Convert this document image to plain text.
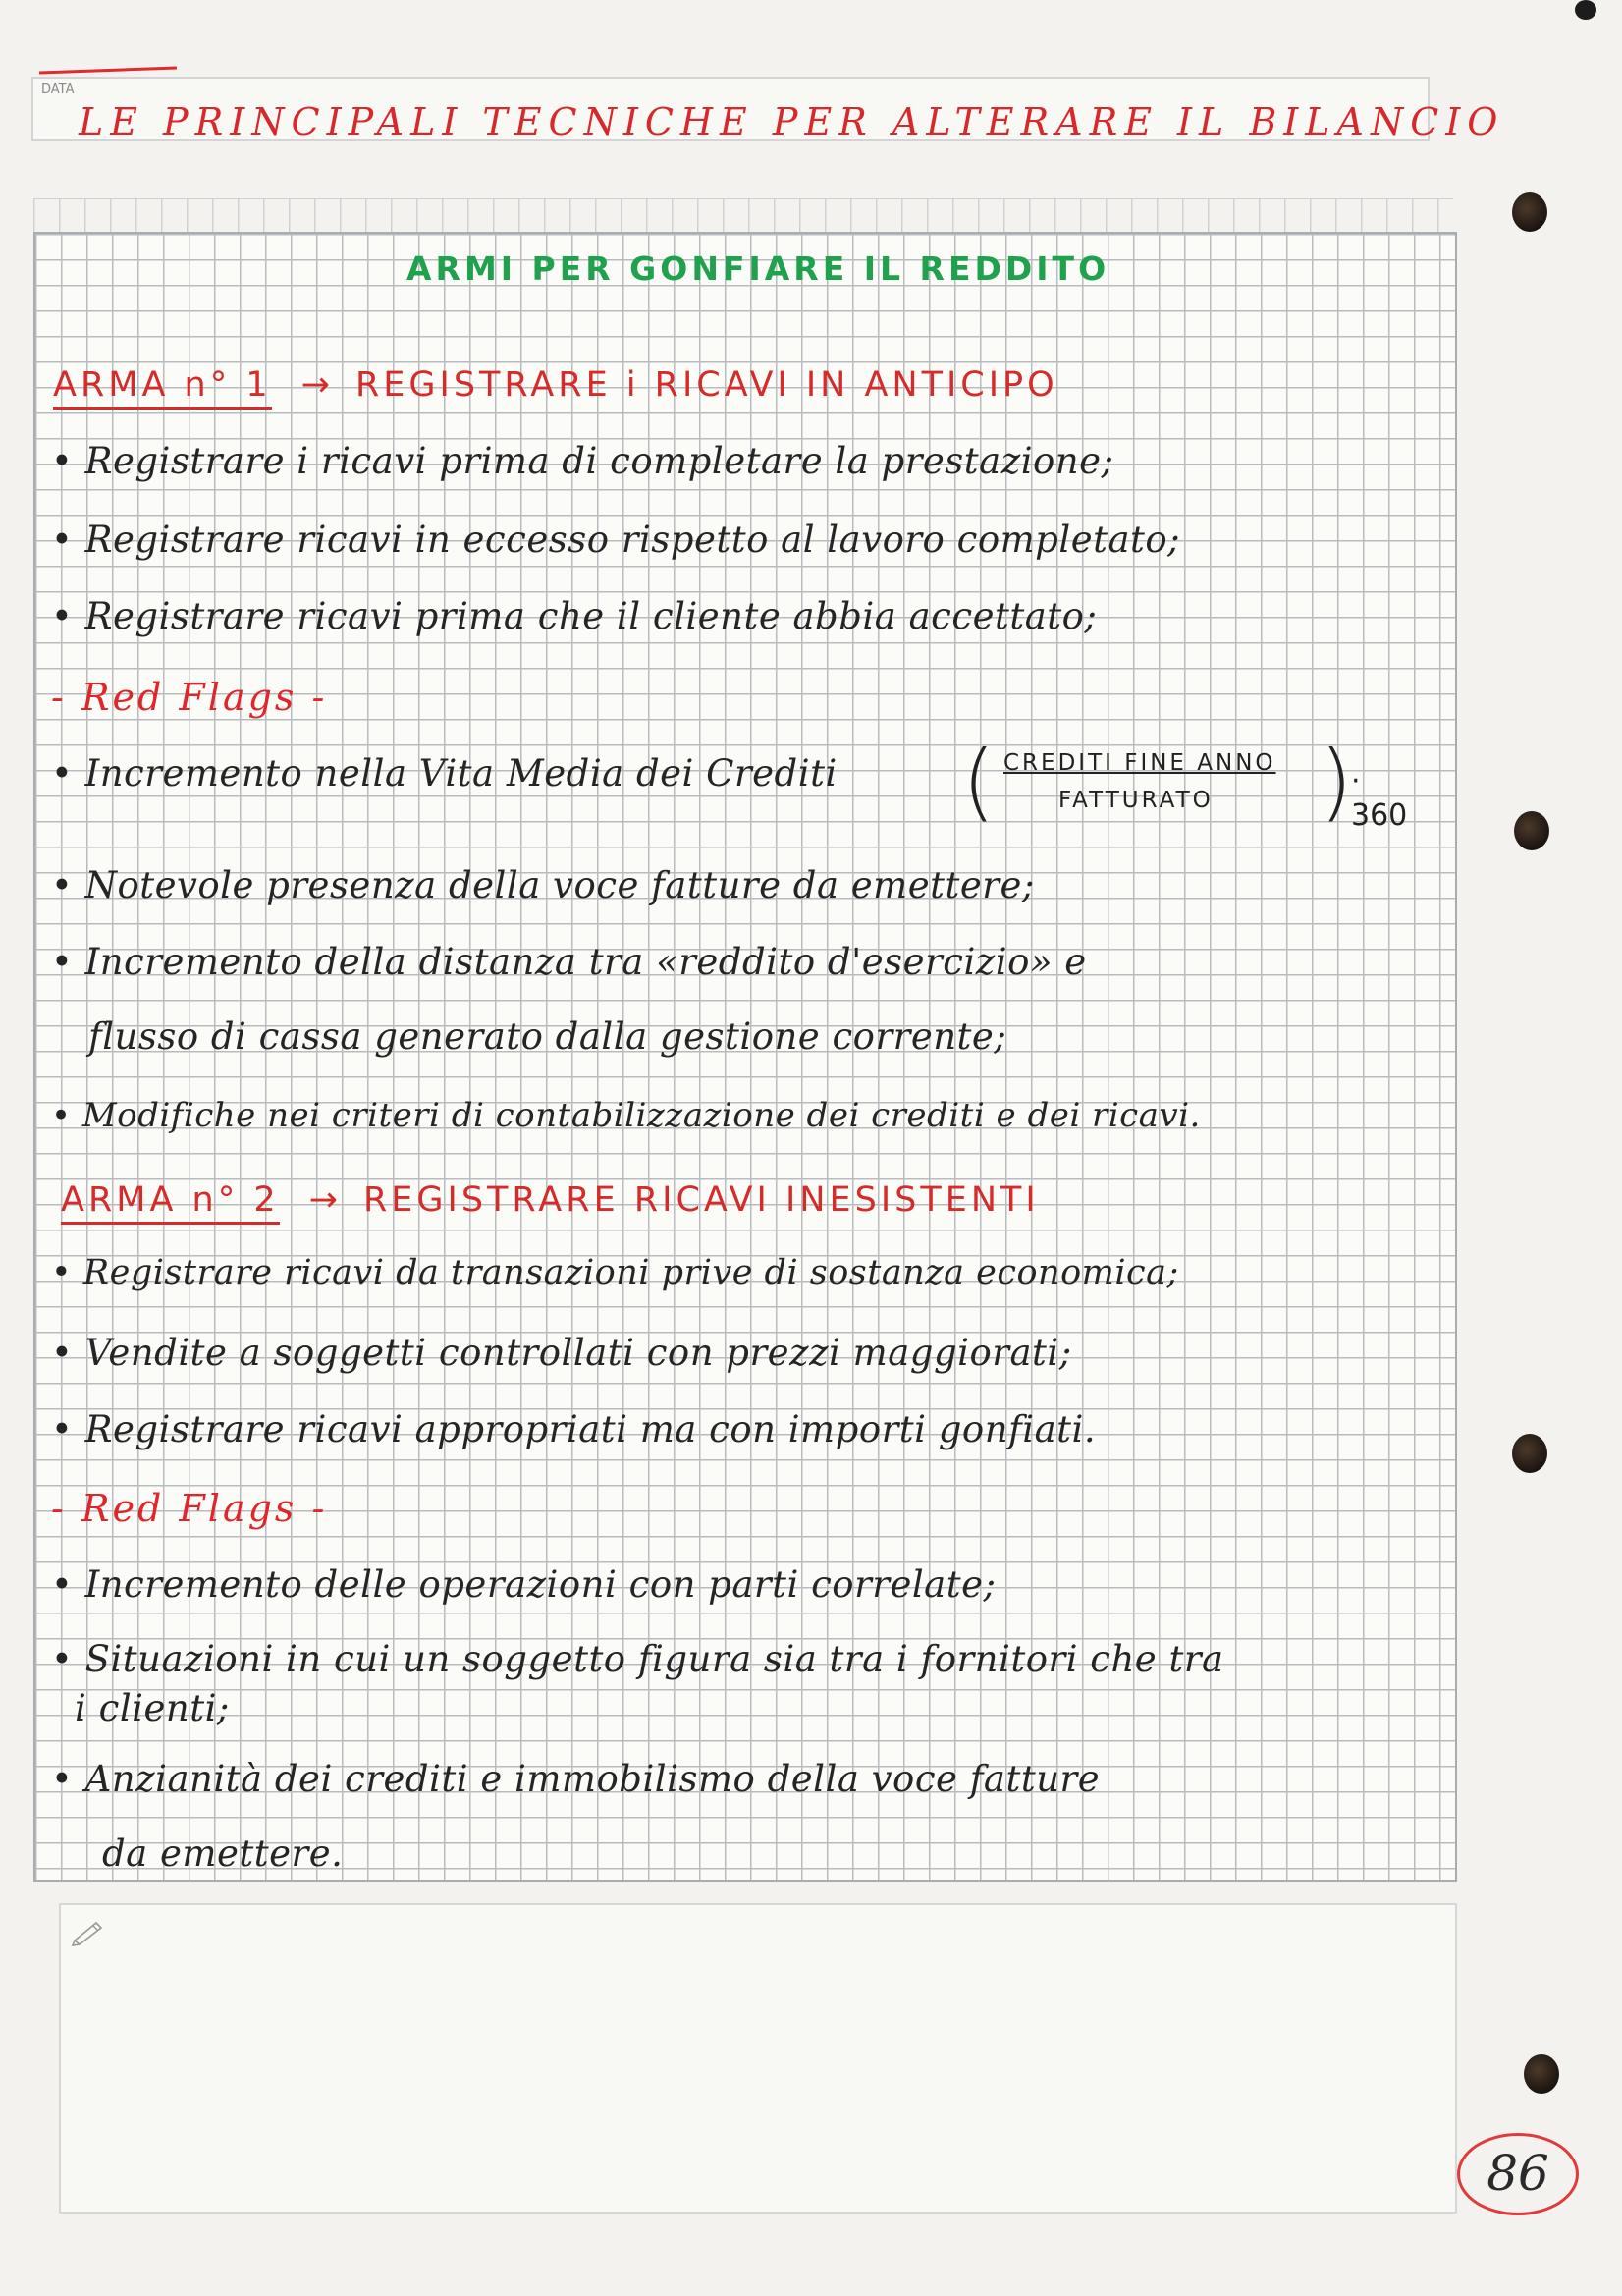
DATA
LE PRINCIPALI TECNICHE PER ALTERARE IL BILANCIO
ARMI PER GONFIARE IL REDDITO
ARMA n° 1 → REGISTRARE i RICAVI IN ANTICIPO
• Registrare i ricavi prima di completare la prestazione;
• Registrare ricavi in eccesso rispetto al lavoro completato;
• Registrare ricavi prima che il cliente abbia accettato;
- Red Flags -
• Incremento nella Vita Media dei Crediti ( CREDITI FINE ANNO
FATTURATO )
· 360
• Notevole presenza della voce fatture da emettere;
• Incremento della distanza tra «reddito d'esercizio» e
flusso di cassa generato dalla gestione corrente;
• Modifiche nei criteri di contabilizzazione dei crediti e dei ricavi.
ARMA n° 2 → REGISTRARE RICAVI INESISTENTI
• Registrare ricavi da transazioni prive di sostanza economica;
• Vendite a soggetti controllati con prezzi maggiorati;
• Registrare ricavi appropriati ma con importi gonfiati.
- Red Flags -
• Incremento delle operazioni con parti correlate;
• Situazioni in cui un soggetto figura sia tra i fornitori che tra
i clienti;
• Anzianità dei crediti e immobilismo della voce fatture
da emettere.
86
